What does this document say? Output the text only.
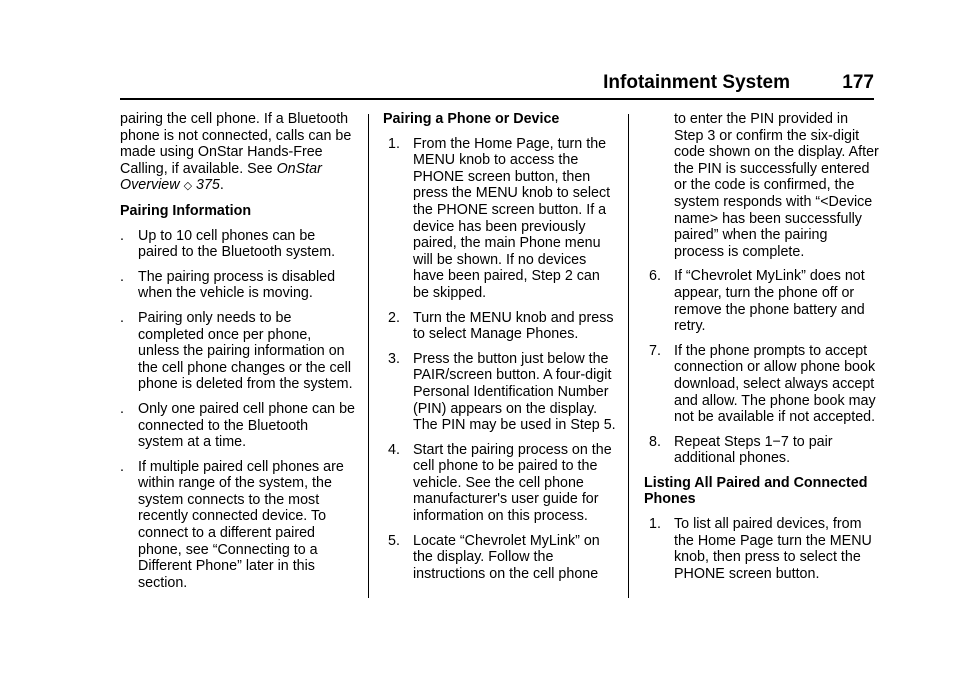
Infotainment System	177

pairing the cell phone. If a Bluetooth phone is not connected, calls can be made using OnStar Hands-Free Calling, if available. See OnStar Overview ◇ 375.

Pairing Information

. Up to 10 cell phones can be paired to the Bluetooth system.
. The pairing process is disabled when the vehicle is moving.
. Pairing only needs to be completed once per phone, unless the pairing information on the cell phone changes or the cell phone is deleted from the system.
. Only one paired cell phone can be connected to the Bluetooth system at a time.
. If multiple paired cell phones are within range of the system, the system connects to the most recently connected device. To connect to a different paired phone, see “Connecting to a Different Phone” later in this section.

Pairing a Phone or Device

1. From the Home Page, turn the MENU knob to access the PHONE screen button, then press the MENU knob to select the PHONE screen button. If a device has been previously paired, the main Phone menu will be shown. If no devices have been paired, Step 2 can be skipped.
2. Turn the MENU knob and press to select Manage Phones.
3. Press the button just below the PAIR/screen button. A four-digit Personal Identification Number (PIN) appears on the display. The PIN may be used in Step 5.
4. Start the pairing process on the cell phone to be paired to the vehicle. See the cell phone manufacturer's user guide for information on this process.
5. Locate “Chevrolet MyLink” on the display. Follow the instructions on the cell phone

to enter the PIN provided in Step 3 or confirm the six-digit code shown on the display. After the PIN is successfully entered or the code is confirmed, the system responds with “<Device name> has been successfully paired” when the pairing process is complete.

6. If “Chevrolet MyLink” does not appear, turn the phone off or remove the phone battery and retry.
7. If the phone prompts to accept connection or allow phone book download, select always accept and allow. The phone book may not be available if not accepted.
8. Repeat Steps 1−7 to pair additional phones.

Listing All Paired and Connected Phones

1. To list all paired devices, from the Home Page turn the MENU knob, then press to select the PHONE screen button.
